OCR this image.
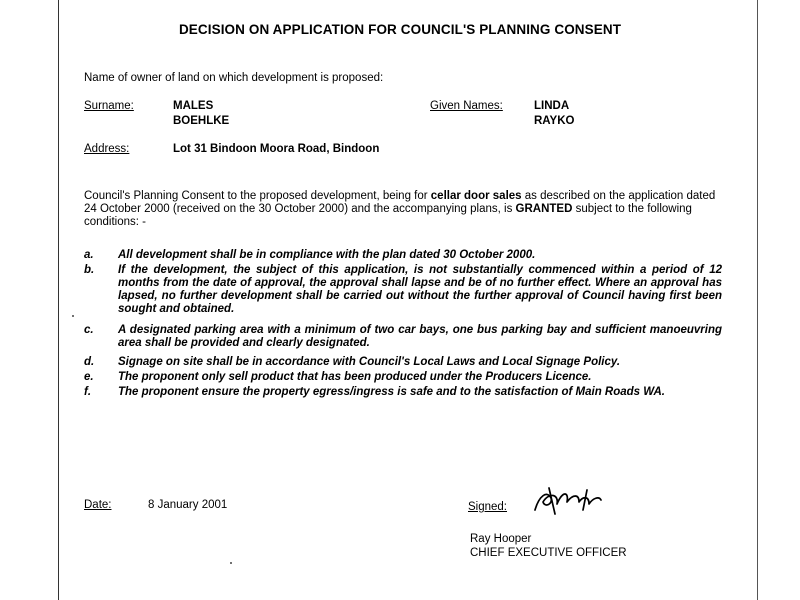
DECISION ON APPLICATION FOR COUNCIL'S PLANNING CONSENT
Name of owner of land on which development is proposed:
Surname:	MALES
BOEHLKE
Given Names:	LINDA
RAYKO
Address:	Lot 31 Bindoon Moora Road, Bindoon
Council's Planning Consent to the proposed development, being for cellar door sales as described on the application dated 24 October 2000 (received on the 30 October 2000) and the accompanying plans, is GRANTED subject to the following conditions: -
a. All development shall be in compliance with the plan dated 30 October 2000.
b. If the development, the subject of this application, is not substantially commenced within a period of 12 months from the date of approval, the approval shall lapse and be of no further effect. Where an approval has lapsed, no further development shall be carried out without the further approval of Council having first been sought and obtained.
c. A designated parking area with a minimum of two car bays, one bus parking bay and sufficient manoeuvring area shall be provided and clearly designated.
d. Signage on site shall be in accordance with Council's Local Laws and Local Signage Policy.
e. The proponent only sell product that has been produced under the Producers Licence.
f. The proponent ensure the property egress/ingress is safe and to the satisfaction of Main Roads WA.
Date:	8 January 2001	Signed:
Ray Hooper
CHIEF EXECUTIVE OFFICER
